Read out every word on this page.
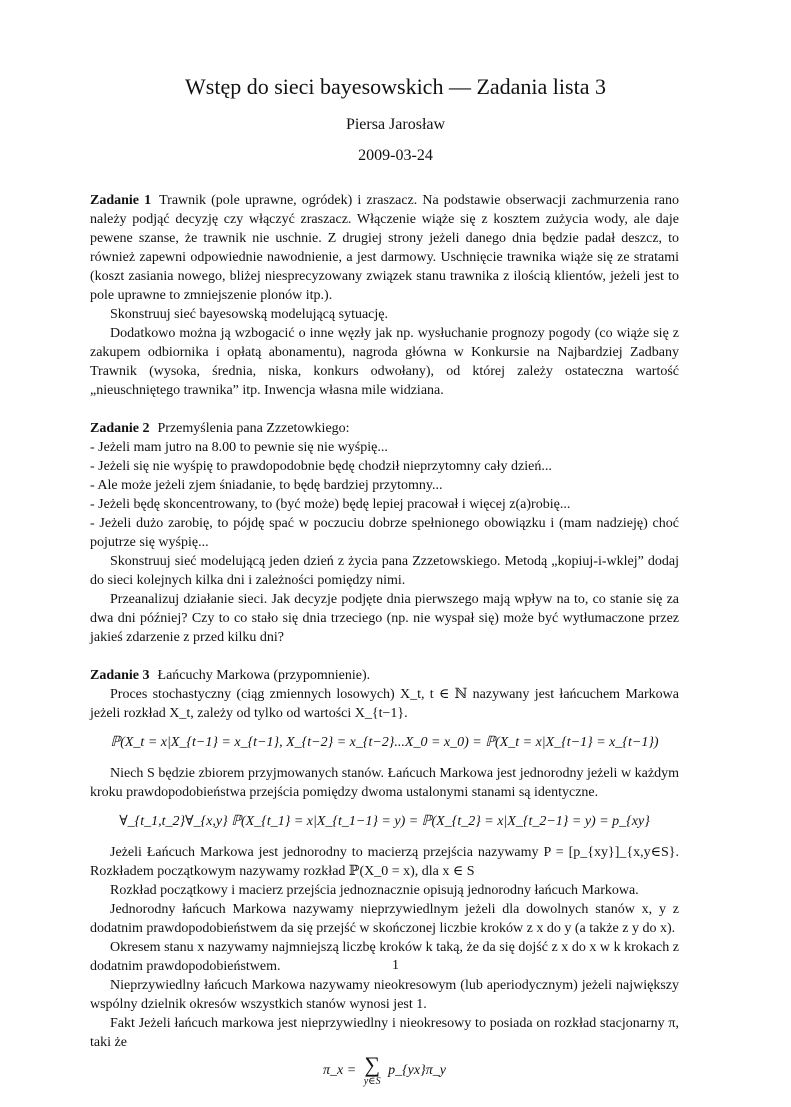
Wstęp do sieci bayesowskich — Zadania lista 3
Piersa Jarosław
2009-03-24

Zadanie 1 Trawnik (pole uprawne, ogródek) i zraszacz. Na podstawie obserwacji zachmurzenia rano należy podjąć decyzję czy włączyć zraszacz. Włączenie wiąże się z kosztem zużycia wody, ale daje pewene szanse, że trawnik nie uschnie. Z drugiej strony jeżeli danego dnia będzie padał deszcz, to również zapewni odpowiednie nawodnienie, a jest darmowy. Uschnięcie trawnika wiąże się ze stratami (koszt zasiania nowego, bliżej niesprecyzowany związek stanu trawnika z ilością klientów, jeżeli jest to pole uprawne to zmniejszenie plonów itp.).

Skonstruuj sieć bayesowską modelującą sytuację.

Dodatkowo można ją wzbogacić o inne węzły jak np. wysłuchanie prognozy pogody (co wiąże się z zakupem odbiornika i opłatą abonamentu), nagroda główna w Konkursie na Najbardziej Zadbany Trawnik (wysoka, średnia, niska, konkurs odwołany), od której zależy ostateczna wartość „nieuschniętego trawnika” itp. Inwencja własna mile widziana.

Zadanie 2 Przemyślenia pana Zzzetowkiego:

- Jeżeli mam jutro na 8.00 to pewnie się nie wyśpię...

- Jeżeli się nie wyśpię to prawdopodobnie będę chodził nieprzytomny cały dzień...

- Ale może jeżeli zjem śniadanie, to będę bardziej przytomny...

- Jeżeli będę skoncentrowany, to (być może) będę lepiej pracował i więcej z(a)robię...

- Jeżeli dużo zarobię, to pójdę spać w poczuciu dobrze spełnionego obowiązku i (mam nadzieję) choć pojutrze się wyśpię...

Skonstruuj sieć modelującą jeden dzień z życia pana Zzzetowskiego. Metodą „kopiuj-i-wklej” dodaj do sieci kolejnych kilka dni i zależności pomiędzy nimi.

Przeanalizuj działanie sieci. Jak decyzje podjęte dnia pierwszego mają wpływ na to, co stanie się za dwa dni później? Czy to co stało się dnia trzeciego (np. nie wyspał się) może być wytłumaczone przez jakieś zdarzenie z przed kilku dni?

Zadanie 3 Łańcuchy Markowa (przypomnienie).

Proces stochastyczny (ciąg zmiennych losowych) X_t, t ∈ ℕ nazywany jest łańcuchem Markowa jeżeli rozkład X_t, zależy od tylko od wartości X_{t−1}.

ℙ(X_t = x|X_{t−1} = x_{t−1}, X_{t−2} = x_{t−2}...X_0 = x_0) = ℙ(X_t = x|X_{t−1} = x_{t−1})

Niech S będzie zbiorem przyjmowanych stanów. Łańcuch Markowa jest jednorodny jeżeli w każdym kroku prawdopodobieństwa przejścia pomiędzy dwoma ustalonymi stanami są identyczne.

∀_{t_1,t_2}∀_{x,y} ℙ(X_{t_1} = x|X_{t_1−1} = y) = ℙ(X_{t_2} = x|X_{t_2−1} = y) = p_{xy}

Jeżeli Łańcuch Markowa jest jednorodny to macierzą przejścia nazywamy P = [p_{xy}]_{x,y∈S}. Rozkładem początkowym nazywamy rozkład ℙ(X_0 = x), dla x ∈ S

Rozkład początkowy i macierz przejścia jednoznacznie opisują jednorodny łańcuch Markowa.

Jednorodny łańcuch Markowa nazywamy nieprzywiedlnym jeżeli dla dowolnych stanów x, y z dodatnim prawdopodobieństwem da się przejść w skończonej liczbie kroków z x do y (a także z y do x).

Okresem stanu x nazywamy najmniejszą liczbę kroków k taką, że da się dojść z x do x w k krokach z dodatnim prawdopodobieństwem.

Nieprzywiedlny łańcuch Markowa nazywamy nieokresowym (lub aperiodycznym) jeżeli największy wspólny dzielnik okresów wszystkich stanów wynosi jest 1.

Fakt Jeżeli łańcuch markowa jest nieprzywiedlny i nieokresowy to posiada on rozkład stacjonarny π, taki że

π_x = ∑
y∈S
p_{yx}π_y
1
